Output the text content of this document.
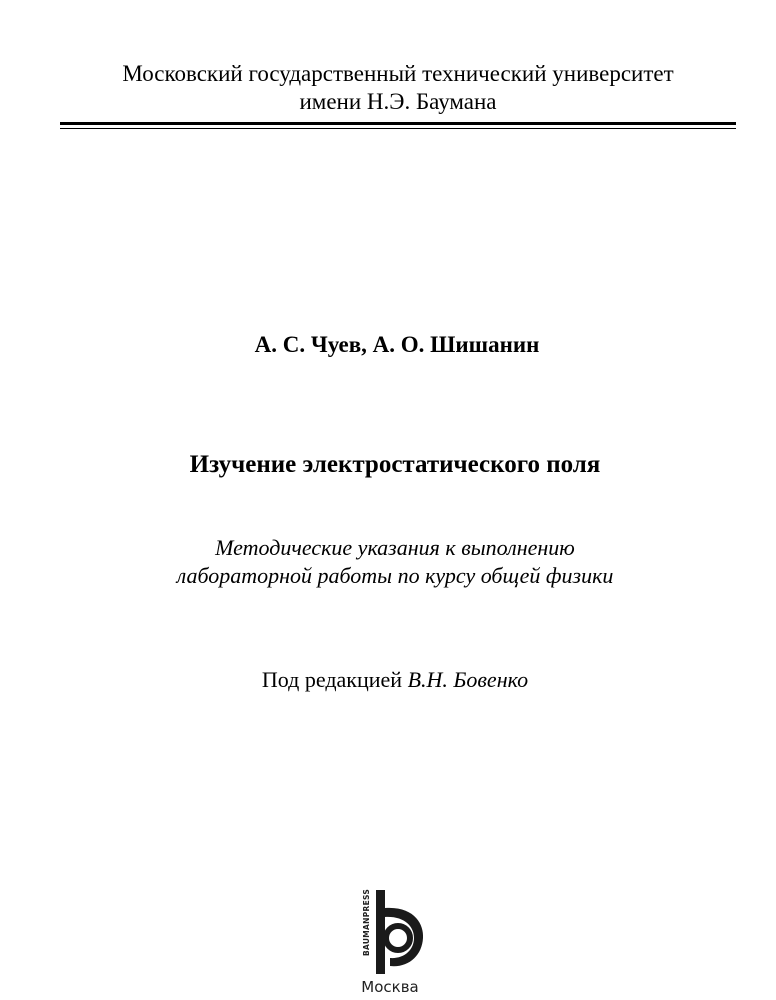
Московский государственный технический университет
имени Н.Э. Баумана
А. С. Чуев, А. О. Шишанин
Изучение электростатического поля
Методические указания к выполнению
лабораторной работы по курсу общей физики
Под редакцией В.Н. Бовенко
BAUMANPRESS
Москва
